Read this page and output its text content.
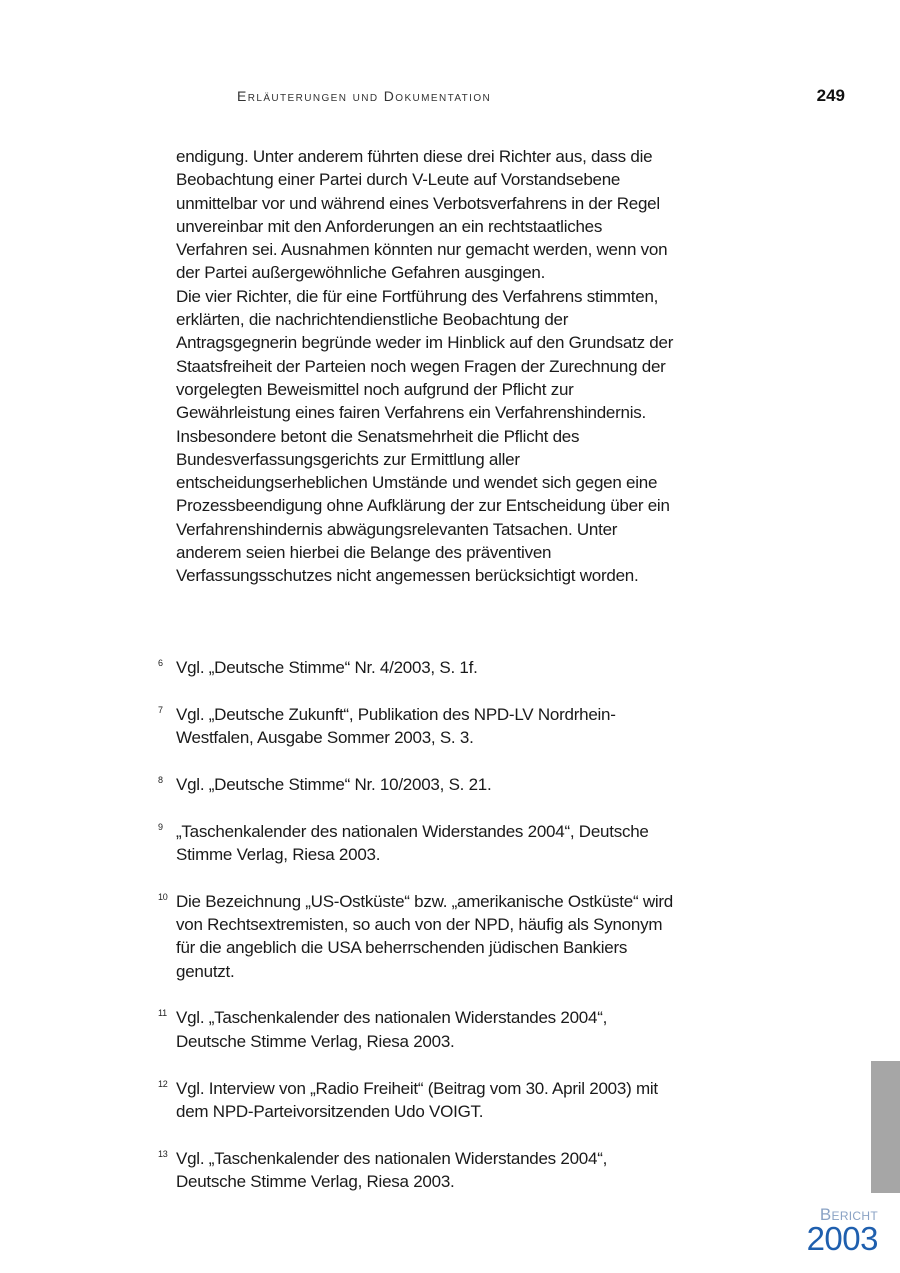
Erläuterungen und Dokumentation	249

endigung. Unter anderem führten diese drei Richter aus, dass die Beobachtung einer Partei durch V-Leute auf Vorstandsebene unmittelbar vor und während eines Verbotsverfahrens in der Regel unvereinbar mit den Anforderungen an ein rechtstaatliches Verfahren sei. Ausnahmen könnten nur gemacht werden, wenn von der Partei außergewöhnliche Gefahren ausgingen.

Die vier Richter, die für eine Fortführung des Verfahrens stimmten, erklärten, die nachrichtendienstliche Beobachtung der Antragsgegnerin begründe weder im Hinblick auf den Grundsatz der Staatsfreiheit der Parteien noch wegen Fragen der Zurechnung der vorgelegten Beweismittel noch aufgrund der Pflicht zur Gewährleistung eines fairen Verfahrens ein Verfahrenshindernis. Insbesondere betont die Senatsmehrheit die Pflicht des Bundesverfassungsgerichts zur Ermittlung aller entscheidungserheblichen Umstände und wendet sich gegen eine Prozessbeendigung ohne Aufklärung der zur Entscheidung über ein Verfahrenshindernis abwägungsrelevanten Tatsachen. Unter anderem seien hierbei die Belange des präventiven Verfassungsschutzes nicht angemessen berücksichtigt worden.

6 Vgl. „Deutsche Stimme“ Nr. 4/2003, S. 1f.
7 Vgl. „Deutsche Zukunft“, Publikation des NPD-LV Nordrhein-Westfalen, Ausgabe Sommer 2003, S. 3.
8 Vgl. „Deutsche Stimme“ Nr. 10/2003, S. 21.
9 „Taschenkalender des nationalen Widerstandes 2004“, Deutsche Stimme Verlag, Riesa 2003.
10 Die Bezeichnung „US-Ostküste“ bzw. „amerikanische Ostküste“ wird von Rechtsextremisten, so auch von der NPD, häufig als Synonym für die angeblich die USA beherrschenden jüdischen Bankiers genutzt.
11 Vgl. „Taschenkalender des nationalen Widerstandes 2004“, Deutsche Stimme Verlag, Riesa 2003.
12 Vgl. Interview von „Radio Freiheit“ (Beitrag vom 30. April 2003) mit dem NPD-Parteivorsitzenden Udo VOIGT.
13 Vgl. „Taschenkalender des nationalen Widerstandes 2004“, Deutsche Stimme Verlag, Riesa 2003.
Bericht
2003
